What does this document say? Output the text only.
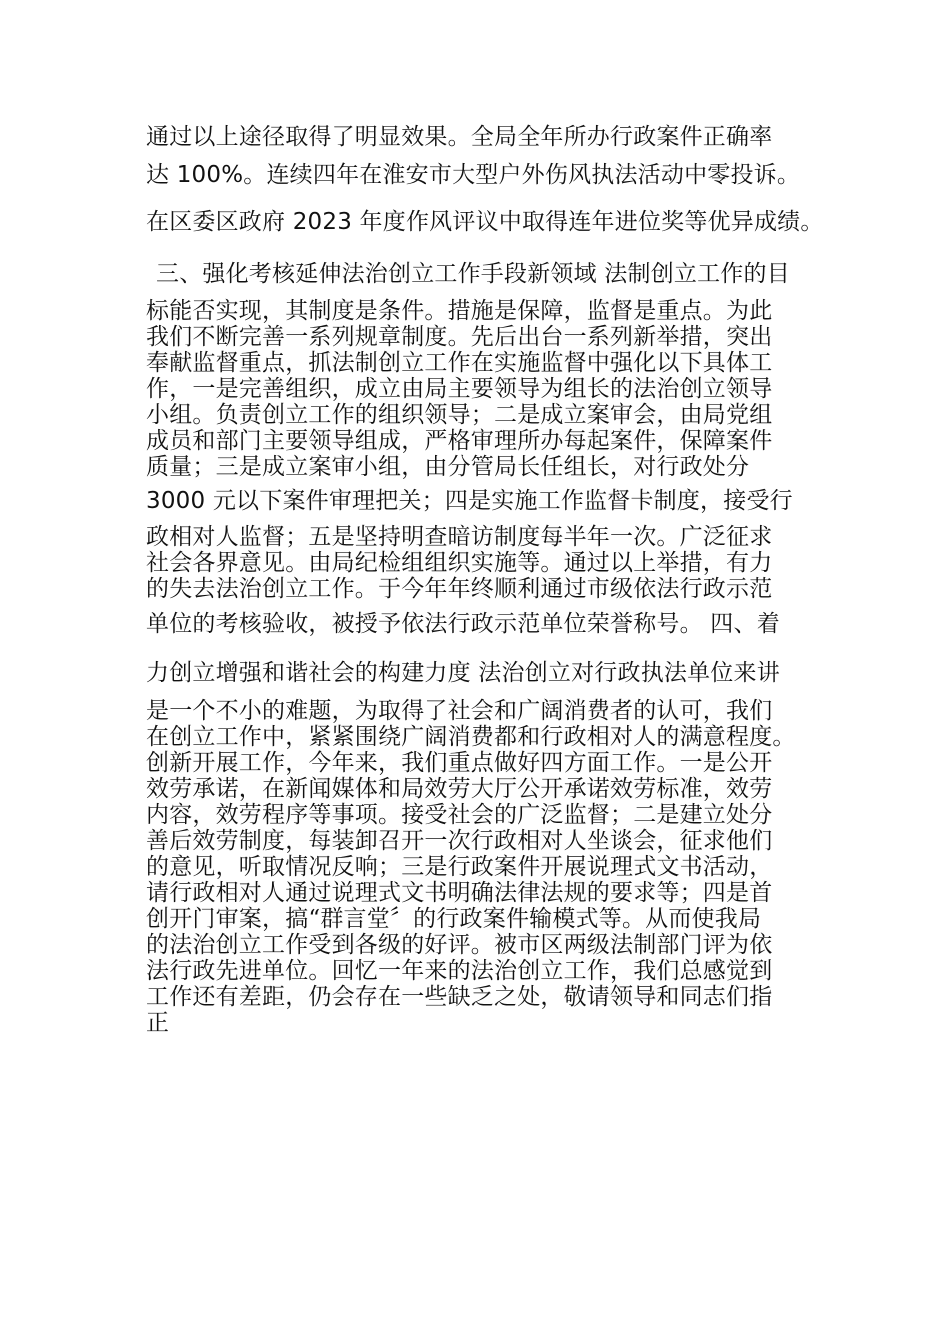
通过以上途径取得了明显效果。全局全年所办行政案件正确率
达 100%。连续四年在淮安市大型户外伤风执法活动中零投诉。
在区委区政府 2023 年度作风评议中取得连年进位奖等优异成绩。
三、强化考核延伸法治创立工作手段新领域 法制创立工作的目
标能否实现，其制度是条件。措施是保障，监督是重点。为此
我们不断完善一系列规章制度。先后出台一系列新举措，突出
奉献监督重点，抓法制创立工作在实施监督中强化以下具体工
作，一是完善组织，成立由局主要领导为组长的法治创立领导
小组。负责创立工作的组织领导；二是成立案审会，由局党组
成员和部门主要领导组成，严格审理所办每起案件，保障案件
质量；三是成立案审小组，由分管局长任组长，对行政处分
3000 元以下案件审理把关；四是实施工作监督卡制度，接受行
政相对人监督；五是坚持明查暗访制度每半年一次。广泛征求
社会各界意见。由局纪检组组织实施等。通过以上举措，有力
的失去法治创立工作。于今年年终顺利通过市级依法行政示范
单位的考核验收，被授予依法行政示范单位荣誉称号。 四、着
力创立增强和谐社会的构建力度 法治创立对行政执法单位来讲
是一个不小的难题，为取得了社会和广阔消费者的认可，我们
在创立工作中，紧紧围绕广阔消费都和行政相对人的满意程度。
创新开展工作，今年来，我们重点做好四方面工作。一是公开
效劳承诺，在新闻媒体和局效劳大厅公开承诺效劳标准，效劳
内容，效劳程序等事项。接受社会的广泛监督；二是建立处分
善后效劳制度，每装卸召开一次行政相对人坐谈会，征求他们
的意见，听取情况反响；三是行政案件开展说理式文书活动，
请行政相对人通过说理式文书明确法律法规的要求等；四是首
创开门审案，搞“群言堂〞的行政案件输模式等。从而使我局
的法治创立工作受到各级的好评。被市区两级法制部门评为依
法行政先进单位。回忆一年来的法治创立工作，我们总感觉到
工作还有差距，仍会存在一些缺乏之处，敬请领导和同志们指
正
